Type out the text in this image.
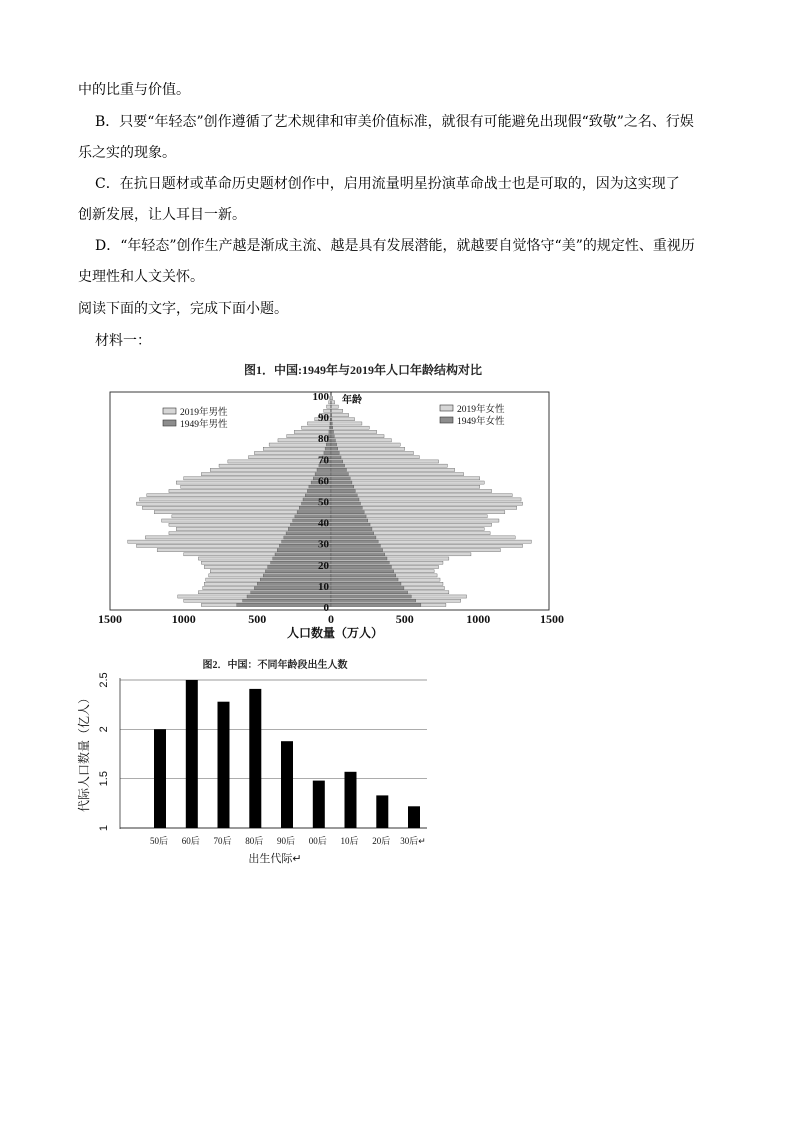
中的比重与价值。
B．只要“年轻态”创作遵循了艺术规律和审美价值标准，就很有可能避免出现假“致敬”之名、行娱
乐之实的现象。
C．在抗日题材或革命历史题材创作中，启用流量明星扮演革命战士也是可取的，因为这实现了
创新发展，让人耳目一新。
D．“年轻态”创作生产越是渐成主流、越是具有发展潜能，就越要自觉恪守“美”的规定性、重视历
史理性和人文关怀。
阅读下面的文字，完成下面小题。
材料一：
图1．中国:1949年与2019年人口年龄结构对比
0
10
20
30
40
50
60
70
80
90
100 年龄
2019年男性
1949年男性
2019年女性
1949年女性
1500	1000	500	0	500	1000	1500
人口数量（万人）
图2．中国：不同年龄段出生人数
代际人口数量（亿人）
1
1.5
2
2.5
50后 60后 70后 80后 90后 00后 10后 20后 30后↵
出生代际↵
